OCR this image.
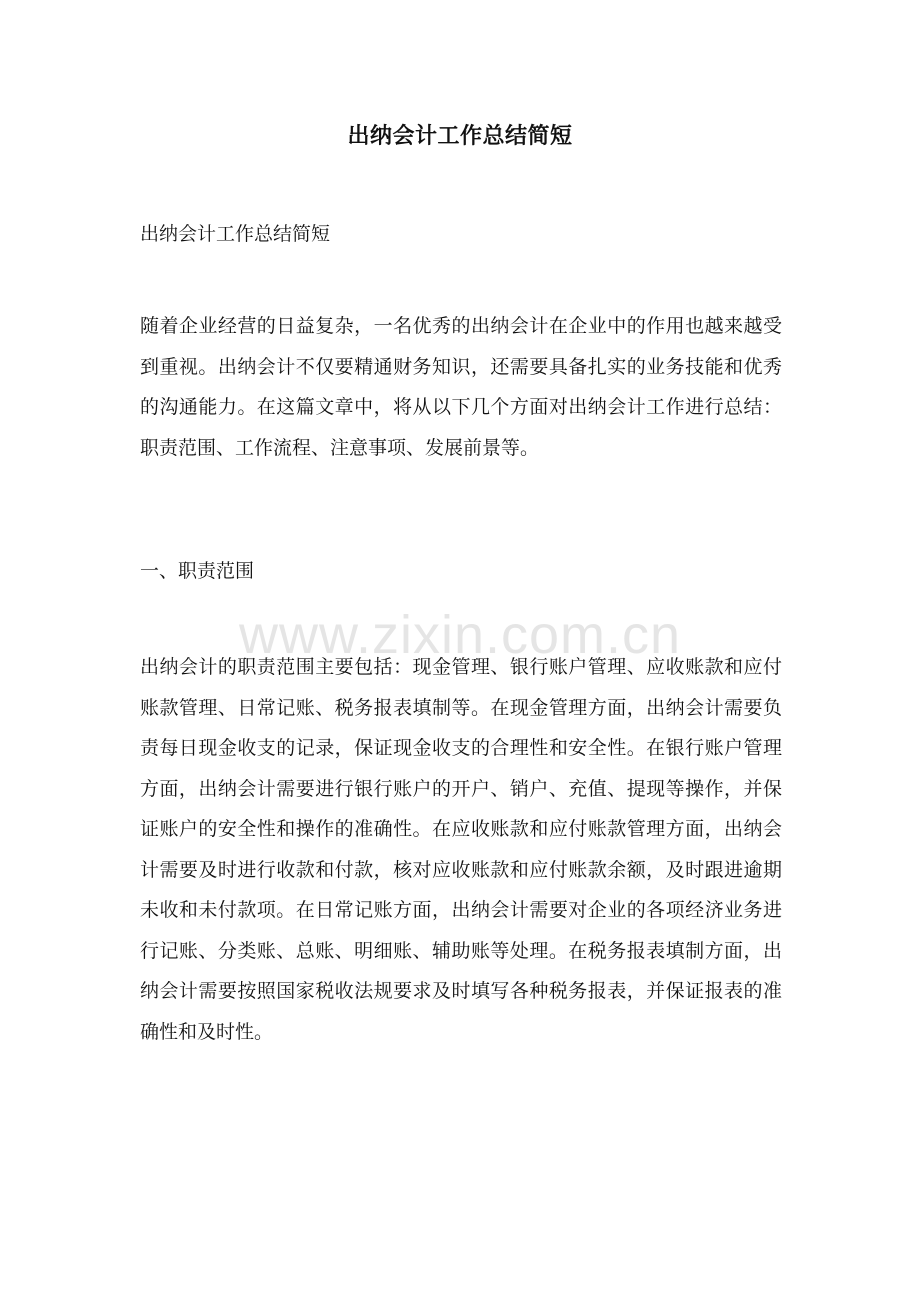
出纳会计工作总结简短
出纳会计工作总结简短

随着企业经营的日益复杂，一名优秀的出纳会计在企业中的作用也越来越受到重视。出纳会计不仅要精通财务知识，还需要具备扎实的业务技能和优秀的沟通能力。在这篇文章中，将从以下几个方面对出纳会计工作进行总结：职责范围、工作流程、注意事项、发展前景等。

一、职责范围
www.zixin.com.cn

出纳会计的职责范围主要包括：现金管理、银行账户管理、应收账款和应付账款管理、日常记账、税务报表填制等。在现金管理方面，出纳会计需要负责每日现金收支的记录，保证现金收支的合理性和安全性。在银行账户管理方面，出纳会计需要进行银行账户的开户、销户、充值、提现等操作，并保证账户的安全性和操作的准确性。在应收账款和应付账款管理方面，出纳会计需要及时进行收款和付款，核对应收账款和应付账款余额，及时跟进逾期未收和未付款项。在日常记账方面，出纳会计需要对企业的各项经济业务进行记账、分类账、总账、明细账、辅助账等处理。在税务报表填制方面，出纳会计需要按照国家税收法规要求及时填写各种税务报表，并保证报表的准确性和及时性。
